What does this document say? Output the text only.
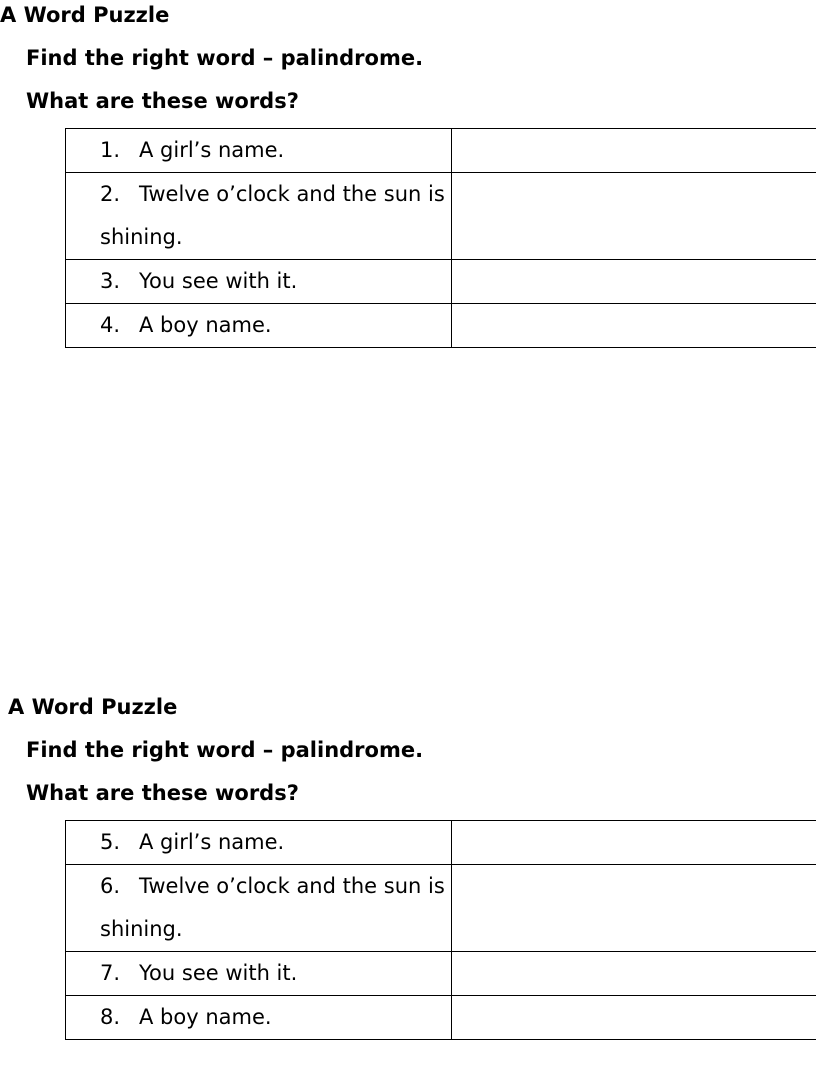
A Word Puzzle
Find the right word – palindrome.
What are these words?
1. A girl’s name.	
2. Twelve o’clock and the sun is shining.	
3. You see with it.	
4. A boy name.	
A Word Puzzle
Find the right word – palindrome.
What are these words?
5. A girl’s name.	
6. Twelve o’clock and the sun is shining.	
7. You see with it.	
8. A boy name.	
